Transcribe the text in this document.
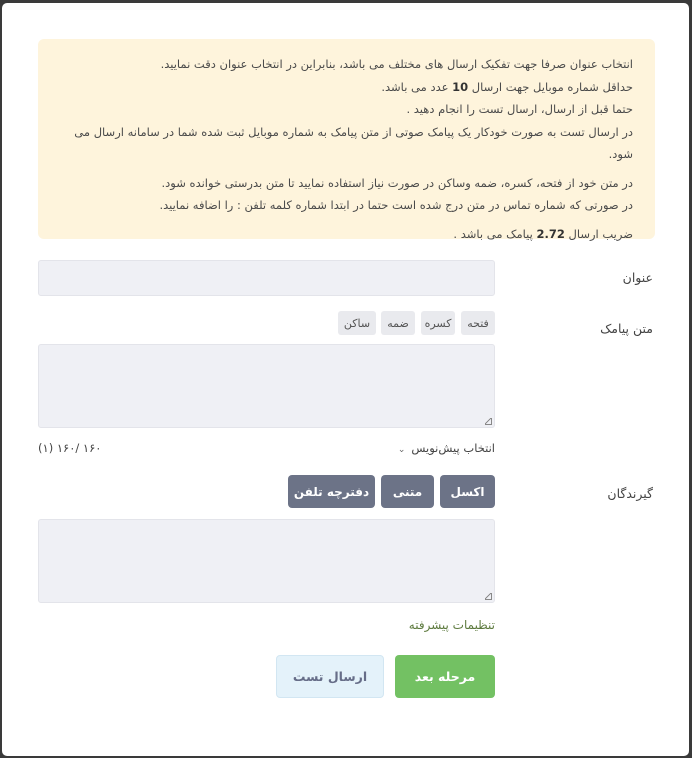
انتخاب عنوان صرفا جهت تفکیک ارسال های مختلف می باشد، بنابراین در انتخاب عنوان دقت نمایید.
حداقل شماره موبایل جهت ارسال 10 عدد می باشد.
حتما قبل از ارسال، ارسال تست را انجام دهید .
در ارسال تست به صورت خودکار یک پیامک صوتی از متن پیامک به شماره موبایل ثبت شده شما در سامانه ارسال می شود.
در متن خود از فتحه، کسره، ضمه وساکن در صورت نیاز استفاده نمایید تا متن بدرستی خوانده شود.
در صورتی که شماره تماس در متن درج شده است حتما در ابتدا شماره کلمه تلفن : را اضافه نمایید.
ضریب ارسال 2.72 پیامک می باشد .
عنوان
متن پیامک
فتحه
کسره
ضمه
ساکن
انتخاب پیش‌نویس⌄
۱۶۰ /۱۶۰ (۱)
گیرندگان
اکسل
متنی
دفترچه تلفن
تنظیمات پیشرفته
مرحله بعد
ارسال تست
